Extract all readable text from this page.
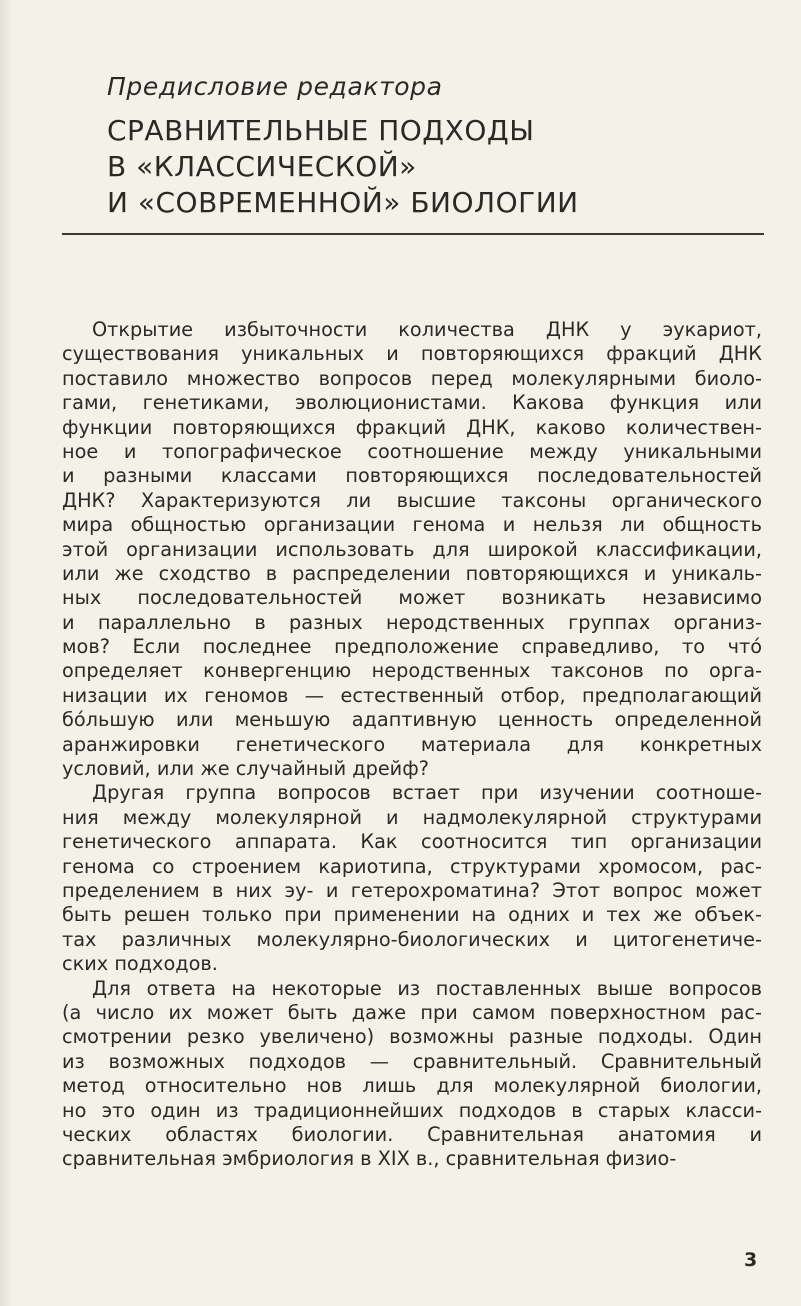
Предисловие редактора
СРАВНИТЕЛЬНЫЕ ПОДХОДЫ
В «КЛАССИЧЕСКОЙ»
И «СОВРЕМЕННОЙ» БИОЛОГИИ
Открытие избыточности количества ДНК у эукариот,
существования уникальных и повторяющихся фракций ДНК
поставило множество вопросов перед молекулярными биоло-
гами, генетиками, эволюционистами. Какова функция или
функции повторяющихся фракций ДНК, каково количествен-
ное и топографическое соотношение между уникальными
и разными классами повторяющихся последовательностей
ДНК? Характеризуются ли высшие таксоны органического
мира общностью организации генома и нельзя ли общность
этой организации использовать для широкой классификации,
или же сходство в распределении повторяющихся и уникаль-
ных последовательностей может возникать независимо
и параллельно в разных неродственных группах организ-
мов? Если последнее предположение справедливо, то что́
определяет конвергенцию неродственных таксонов по орга-
низации их геномов — естественный отбор, предполагающий
бо́льшую или меньшую адаптивную ценность определенной
аранжировки генетического материала для конкретных
условий, или же случайный дрейф?
Другая группа вопросов встает при изучении соотноше-
ния между молекулярной и надмолекулярной структурами
генетического аппарата. Как соотносится тип организации
генома со строением кариотипа, структурами хромосом, рас-
пределением в них эу- и гетерохроматина? Этот вопрос может
быть решен только при применении на одних и тех же объек-
тах различных молекулярно-биологических и цитогенетиче-
ских подходов.
Для ответа на некоторые из поставленных выше вопросов
(а число их может быть даже при самом поверхностном рас-
смотрении резко увеличено) возможны разные подходы. Один
из возможных подходов — сравнительный. Сравнительный
метод относительно нов лишь для молекулярной биологии,
но это один из традиционнейших подходов в старых класси-
ческих областях биологии. Сравнительная анатомия и
сравнительная эмбриология в XIX в., сравнительная физио-
3
